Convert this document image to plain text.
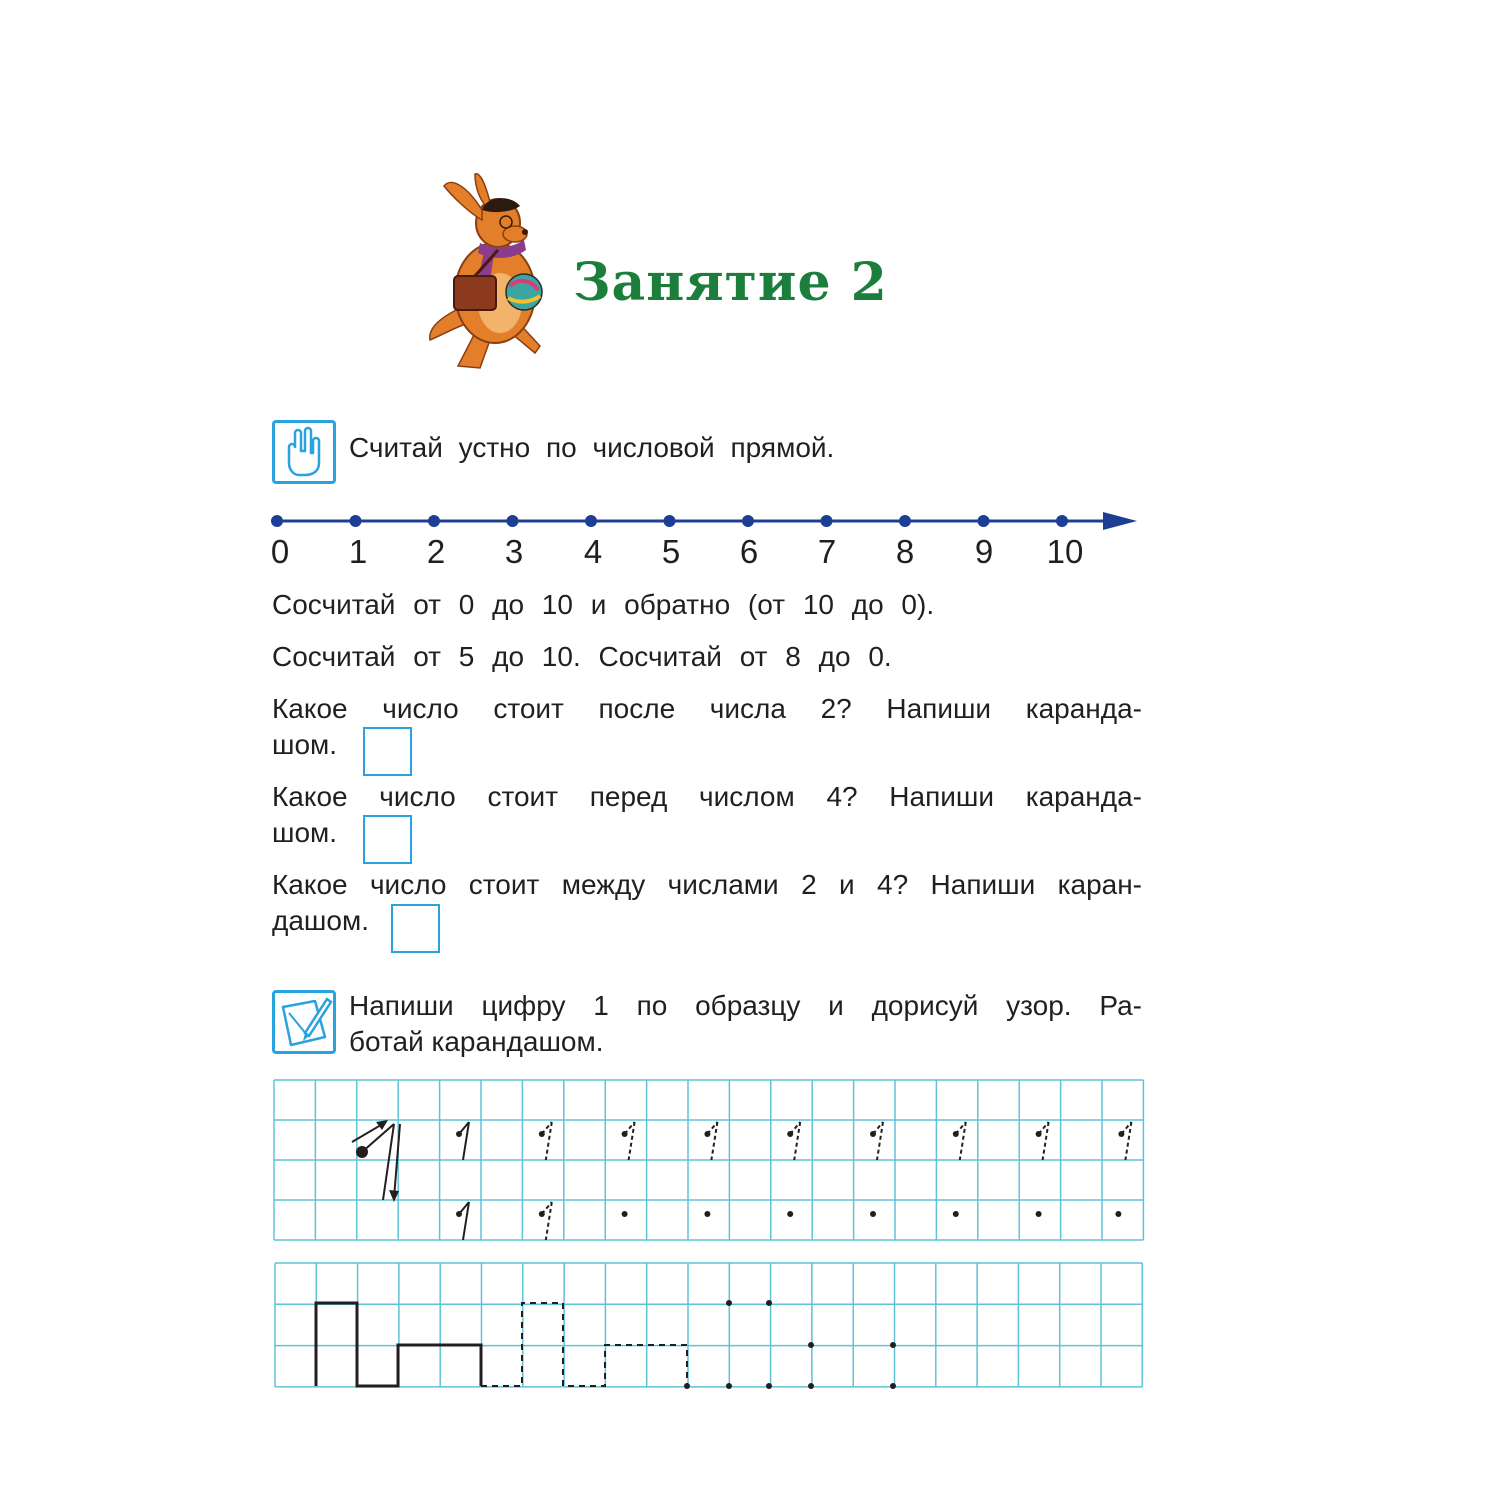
Занятие 2
Считай устно по числовой прямой.
0 1 2 3 4 5 6 7 8 9 10
Сосчитай от 0 до 10 и обратно (от 10 до 0).
Сосчитай от 5 до 10. Сосчитай от 8 до 0.
Какое число стоит после числа 2? Напиши каранда-
шом.
Какое число стоит перед числом 4? Напиши каранда-
шом.
Какое число стоит между числами 2 и 4? Напиши каран-
дашом.
Напиши цифру 1 по образцу и дорисуй узор. Ра-
ботай карандашом.
